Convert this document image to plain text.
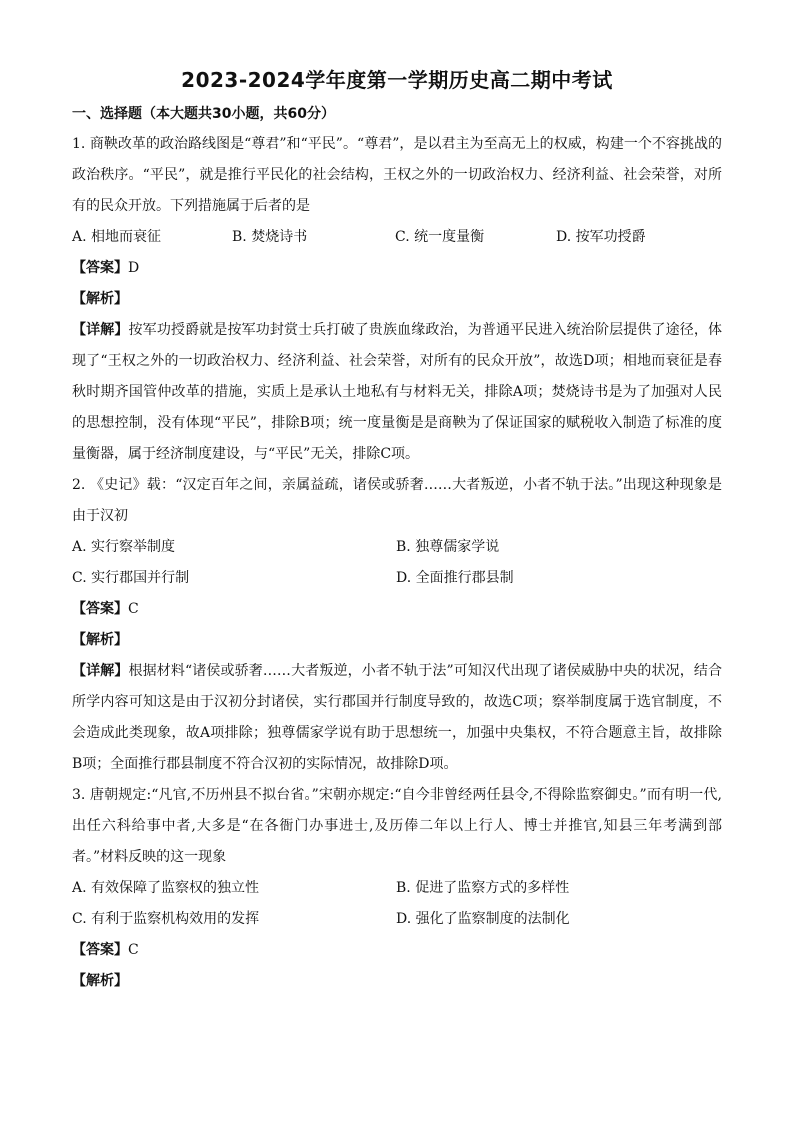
2023-2024学年度第一学期历史高二期中考试
一、选择题（本大题共30小题，共60分）

1. 商鞅改革的政治路线图是“尊君”和“平民”。“尊君”，是以君主为至高无上的权威，构建一个不容挑战的政治秩序。“平民”，就是推行平民化的社会结构，王权之外的一切政治权力、经济利益、社会荣誉，对所有的民众开放。下列措施属于后者的是

A. 相地而衰征	B. 焚烧诗书	C. 统一度量衡	D. 按军功授爵
【答案】D
【解析】

【详解】按军功授爵就是按军功封赏士兵打破了贵族血缘政治，为普通平民进入统治阶层提供了途径，体现了“王权之外的一切政治权力、经济利益、社会荣誉，对所有的民众开放”，故选D项；相地而衰征是春秋时期齐国管仲改革的措施，实质上是承认土地私有与材料无关，排除A项；焚烧诗书是为了加强对人民的思想控制，没有体现“平民”，排除B项；统一度量衡是是商鞅为了保证国家的赋税收入制造了标准的度量衡器，属于经济制度建设，与“平民”无关，排除C项。

2. 《史记》载：“汉定百年之间，亲属益疏，诸侯或骄奢……大者叛逆，小者不轨于法。”出现这种现象是由于汉初

A. 实行察举制度	B. 独尊儒家学说
C. 实行郡国并行制	D. 全面推行郡县制
【答案】C
【解析】

【详解】根据材料“诸侯或骄奢……大者叛逆，小者不轨于法”可知汉代出现了诸侯威胁中央的状况，结合所学内容可知这是由于汉初分封诸侯，实行郡国并行制度导致的，故选C项；察举制度属于选官制度，不会造成此类现象，故A项排除；独尊儒家学说有助于思想统一，加强中央集权，不符合题意主旨，故排除B项；全面推行郡县制度不符合汉初的实际情况，故排除D项。

3. 唐朝规定:“凡官,不历州县不拟台省。”宋朝亦规定:“自今非曾经两任县令,不得除监察御史。”而有明一代,出任六科给事中者,大多是“在各衙门办事进士,及历俸二年以上行人、博士并推官,知县三年考满到部者。”材料反映的这一现象

A. 有效保障了监察权的独立性	B. 促进了监察方式的多样性
C. 有利于监察机构效用的发挥	D. 强化了监察制度的法制化
【答案】C
【解析】
